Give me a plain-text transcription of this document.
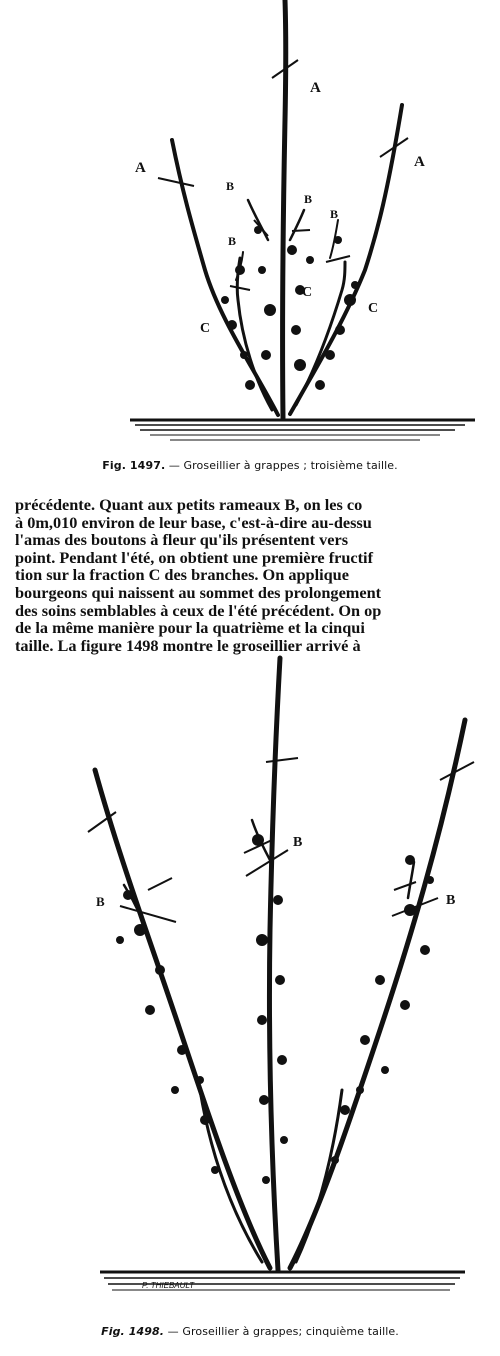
A
A	A
B
B
B
B
C
C
C
Fig. 1497. — Groseillier à grappes ; troisième taille.
précédente. Quant aux petits rameaux B, on les co
à 0m,010 environ de leur base, c'est-à-dire au-dessu
l'amas des boutons à fleur qu'ils présentent vers
point. Pendant l'été, on obtient une première fructif
tion sur la fraction C des branches. On applique
bourgeons qui naissent au sommet des prolongement
des soins semblables à ceux de l'été précédent. On op
de la même manière pour la quatrième et la cinqui
taille. La figure 1498 montre le groseillier arrivé à
P. THIEBAULT
B
B
B
Fig. 1498. — Groseillier à grappes; cinquième taille.
